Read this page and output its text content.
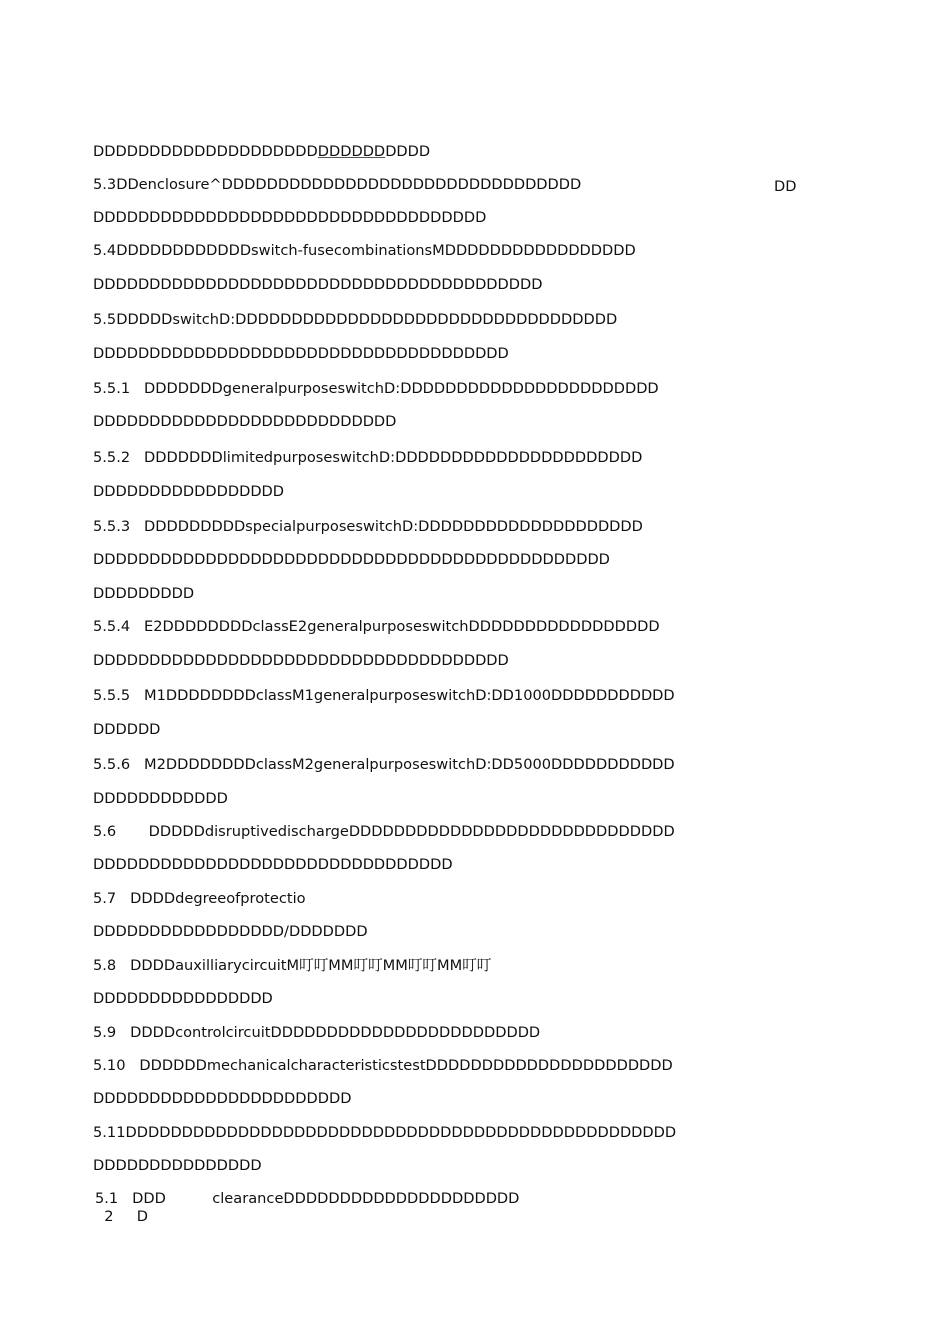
DDDDDDDDDDDDDDDDDDDDDDDDDDDDDD
5.3DDenclosure^DDDDDDDDDDDDDDDDDDDDDDDDDDDDDDDD	DD
DDDDDDDDDDDDDDDDDDDDDDDDDDDDDDDDDDD
5.4DDDDDDDDDDDDswitch-fusecombinationsMDDDDDDDDDDDDDDDDD
DDDDDDDDDDDDDDDDDDDDDDDDDDDDDDDDDDDDDDDD
5.5DDDDDswitchD:DDDDDDDDDDDDDDDDDDDDDDDDDDDDDDDDDD
DDDDDDDDDDDDDDDDDDDDDDDDDDDDDDDDDDDDD
5.5.1   DDDDDDDgeneralpurposeswitchD:DDDDDDDDDDDDDDDDDDDDDDD
DDDDDDDDDDDDDDDDDDDDDDDDDDD
5.5.2   DDDDDDDlimitedpurposeswitchD:DDDDDDDDDDDDDDDDDDDDDD
DDDDDDDDDDDDDDDDD
5.5.3   DDDDDDDDDspecialpurposeswitchD:DDDDDDDDDDDDDDDDDDDD
DDDDDDDDDDDDDDDDDDDDDDDDDDDDDDDDDDDDDDDDDDDDDD
DDDDDDDDD
5.5.4   E2DDDDDDDDclassE2generalpurposeswitchDDDDDDDDDDDDDDDDD
DDDDDDDDDDDDDDDDDDDDDDDDDDDDDDDDDDDDD
5.5.5   M1DDDDDDDDclassM1generalpurposeswitchD:DD1000DDDDDDDDDDD
DDDDDD
5.5.6   M2DDDDDDDDclassM2generalpurposeswitchD:DD5000DDDDDDDDDDD
DDDDDDDDDDDD
5.6       DDDDDdisruptivedischargeDDDDDDDDDDDDDDDDDDDDDDDDDDDDD
DDDDDDDDDDDDDDDDDDDDDDDDDDDDDDDD
5.7   DDDDdegreeofprotectio
DDDDDDDDDDDDDDDDD/DDDDDDD
5.8   DDDDauxilliarycircuitM叮叮MM叮叮MM叮叮MM叮叮
DDDDDDDDDDDDDDDD
5.9   DDDDcontrolcircuitDDDDDDDDDDDDDDDDDDDDDDDD
5.10   DDDDDDmechanicalcharacteristicstestDDDDDDDDDDDDDDDDDDDDDD
DDDDDDDDDDDDDDDDDDDDDDD
5.11DDDDDDDDDDDDDDDDDDDDDDDDDDDDDDDDDDDDDDDDDDDDDDDDD
DDDDDDDDDDDDDDD
5.1   DDD          clearanceDDDDDDDDDDDDDDDDDDDDD
2     D
